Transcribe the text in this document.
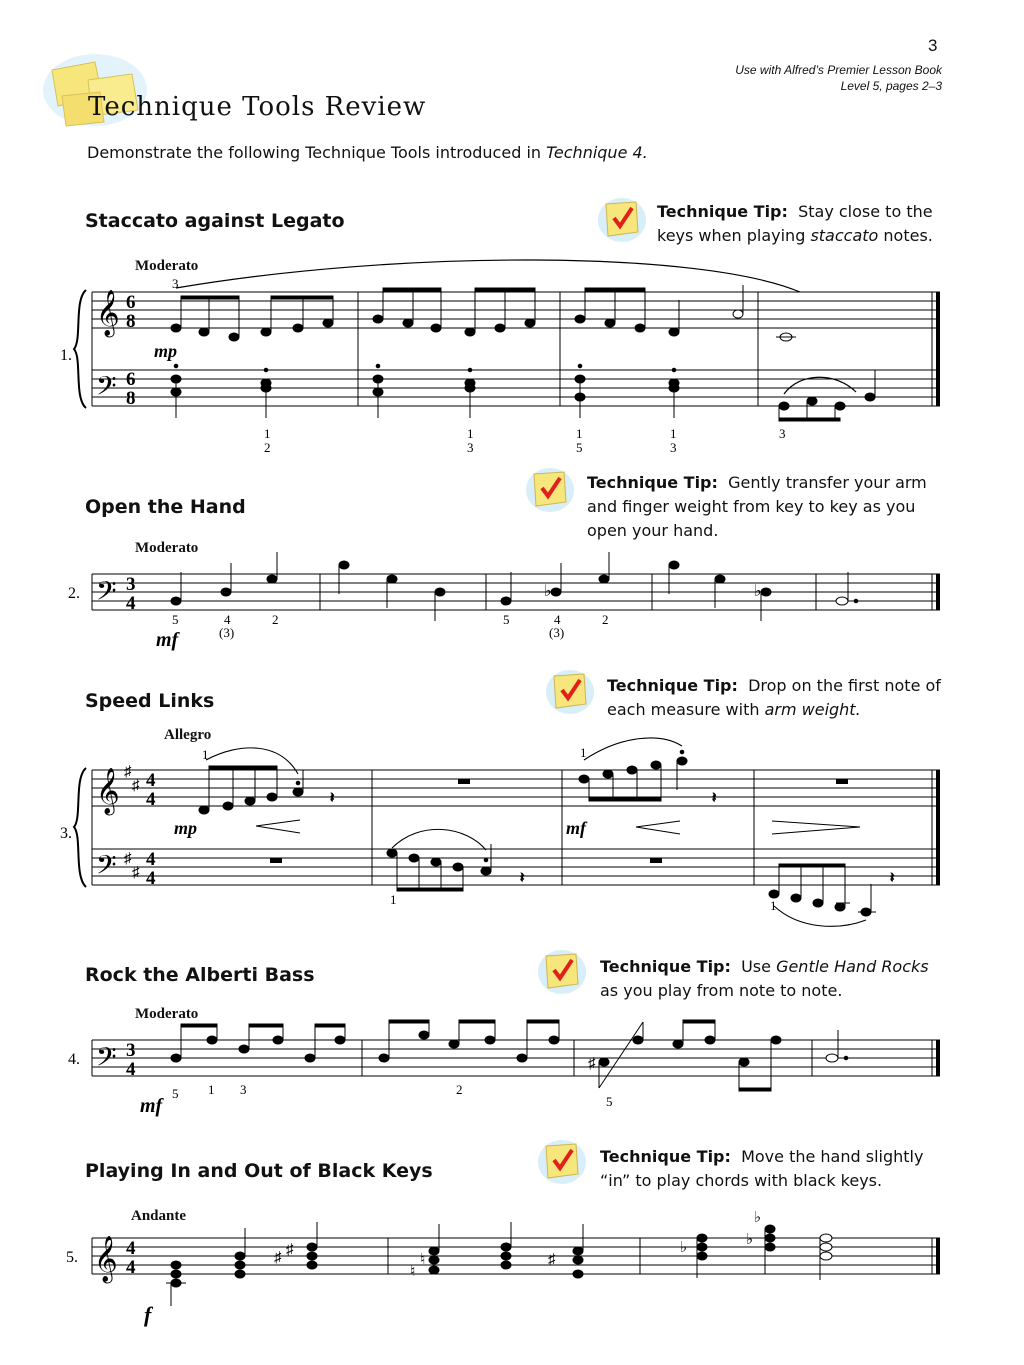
3
Use with Alfred’s Premier Lesson Book
Level 5, pages 2–3
Technique Tools Review
Demonstrate the following Technique Tools introduced in Technique 4.
Staccato against Legato	Technique Tip: Stay close to the keys when playing staccato notes.
Moderato
1.
𝄞
𝄢
6
8
6
8
3
1
2
1
3
1
5
1
3
3
mp
Open the Hand
Technique Tip: Gently transfer your arm and finger weight from key to key as you open your hand.
Moderato
2. 𝄢 3
4
♭	♭
5	4
(3)
2	5	4
(3)
2
mf
Speed Links
Technique Tip: Drop on the first note of each measure with arm weight.
Allegro
3.
𝄞
𝄢
♯
♯
♯
♯
4
4
4
4
𝄽	𝄽
𝄽	𝄽
1	1
1	1
mp	mf
Rock the Alberti Bass	Technique Tip: Use Gentle Hand Rocks as you play from note to note.
Moderato
4. 𝄢 3
4	♯
5 1 3	2
5
mf
Playing In and Out of Black Keys
Technique Tip: Move the hand slightly “in” to play chords with black keys.
Andante
5. 𝄞 4
4	♯ ♯
♮
♮	♯
♭	♭
♭
f
